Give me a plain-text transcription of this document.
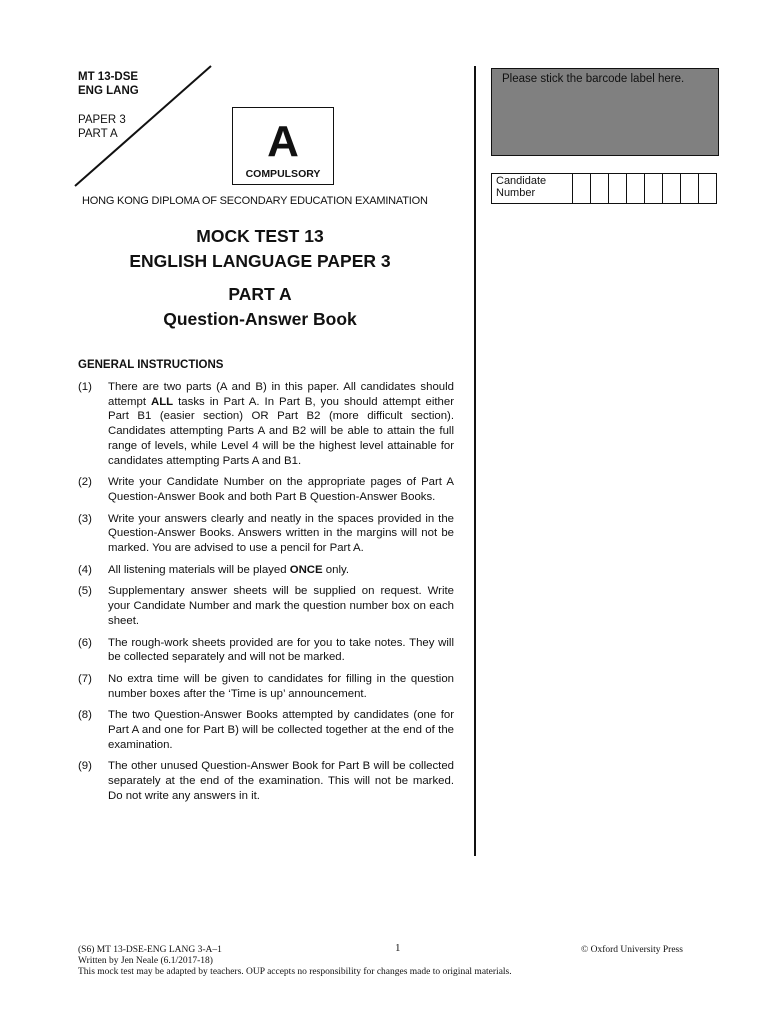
MT 13-DSE
ENG LANG
PAPER 3
PART A	A
COMPULSORY
HONG KONG DIPLOMA OF SECONDARY EDUCATION EXAMINATION
MOCK TEST 13
ENGLISH LANGUAGE PAPER 3
PART A
Question-Answer Book
Please stick the barcode label here.
Candidate Number								
GENERAL INSTRUCTIONS
(1)	There are two parts (A and B) in this paper. All candidates should attempt ALL tasks in Part A. In Part B, you should attempt either Part B1 (easier section) OR Part B2 (more difficult section). Candidates attempting Parts A and B2 will be able to attain the full range of levels, while Level 4 will be the highest level attainable for candidates attempting Parts A and B1.
(2)	Write your Candidate Number on the appropriate pages of Part A Question-Answer Book and both Part B Question-Answer Books.
(3)	Write your answers clearly and neatly in the spaces provided in the Question-Answer Books. Answers written in the margins will not be marked. You are advised to use a pencil for Part A.
(4)	All listening materials will be played ONCE only.
(5)	Supplementary answer sheets will be supplied on request. Write your Candidate Number and mark the question number box on each sheet.
(6)	The rough-work sheets provided are for you to take notes. They will be collected separately and will not be marked.
(7)	No extra time will be given to candidates for filling in the question number boxes after the ‘Time is up’ announcement.
(8)	The two Question-Answer Books attempted by candidates (one for Part A and one for Part B) will be collected together at the end of the examination.
(9)	The other unused Question-Answer Book for Part B will be collected separately at the end of the examination. This will not be marked. Do not write any answers in it.
(S6) MT 13-DSE-ENG LANG 3-A–1	1	© Oxford University Press
Written by Jen Neale (6.1/2017-18)
This mock test may be adapted by teachers. OUP accepts no responsibility for changes made to original materials.
